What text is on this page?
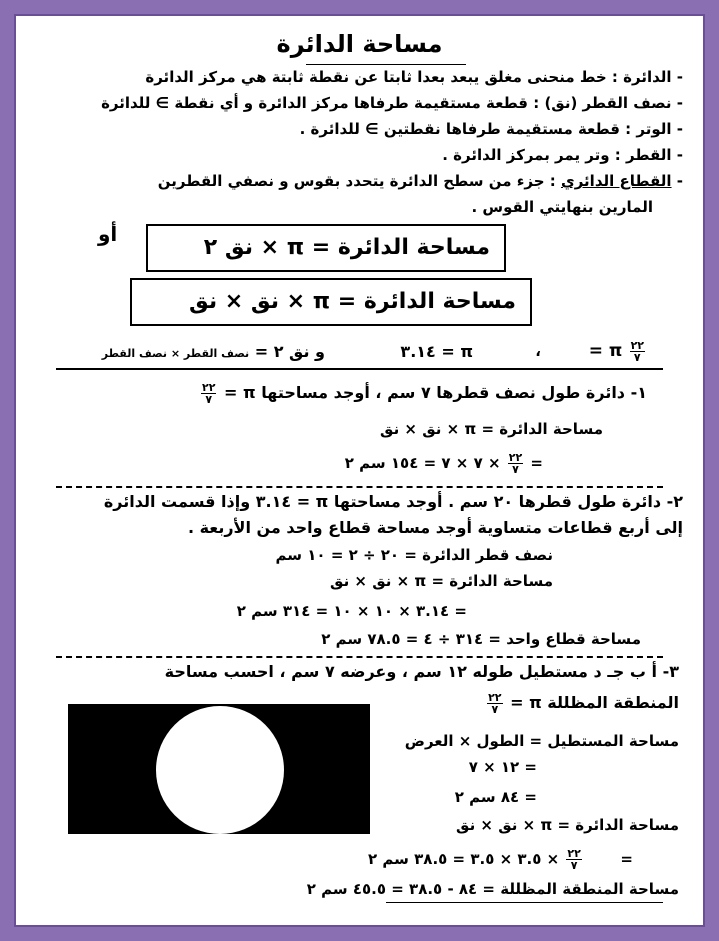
مساحة الدائرة
- الدائرة : خط منحنى مغلق يبعد بعدا ثابتا عن نقطة ثابتة هي مركز الدائرة
- نصف القطر (نق) : قطعة مستقيمة طرفاها مركز الدائرة و أي نقطة ∋ للدائرة
- الوتر : قطعة مستقيمة طرفاها نقطتين ∋ للدائرة .
- القطر : وتر يمر بمركز الدائرة .
- القطاع الدائري : جزء من سطح الدائرة يتحدد بقوس و نصفي القطرين
المارين بنهايتي القوس .
مساحة الدائرة = π × نق ٢
أو
مساحة الدائرة = π × نق × نق
$\frac{٢٢}{٧}$
π =
،
π = ٣.١٤
و نق ٢ = نصف القطر × نصف القطر
١- دائرة طول نصف قطرها ٧ سم ، أوجد مساحتها π =
$\frac{٢٢}{٧}$
مساحة الدائرة = π × نق × نق
=
$\frac{٢٢}{٧}$
× ٧ × ٧ = ١٥٤ سم ٢
٢- دائرة طول قطرها ٢٠ سم . أوجد مساحتها π = ٣.١٤ وإذا قسمت الدائرة
إلى أربع قطاعات متساوية أوجد مساحة قطاع واحد من الأربعة .
نصف قطر الدائرة = ٢٠ ÷ ٢ = ١٠ سم
مساحة الدائرة = π × نق × نق
= ٣.١٤ × ١٠ × ١٠ = ٣١٤ سم ٢
مساحة قطاع واحد = ٣١٤ ÷ ٤ = ٧٨.٥ سم ٢
٣- أ ب جـ د مستطيل طوله ١٢ سم ، وعرضه ٧ سم ، احسب مساحة
المنطقة المظللة π =
$\frac{٢٢}{٧}$
مساحة المستطيل = الطول × العرض
= ١٢ × ٧
= ٨٤ سم ٢
مساحة الدائرة = π × نق × نق
=
$\frac{٢٢}{٧}$
× ٣.٥ × ٣.٥ = ٣٨.٥ سم ٢
مساحة المنطقة المظللة = ٨٤ - ٣٨.٥ = ٤٥.٥ سم ٢
